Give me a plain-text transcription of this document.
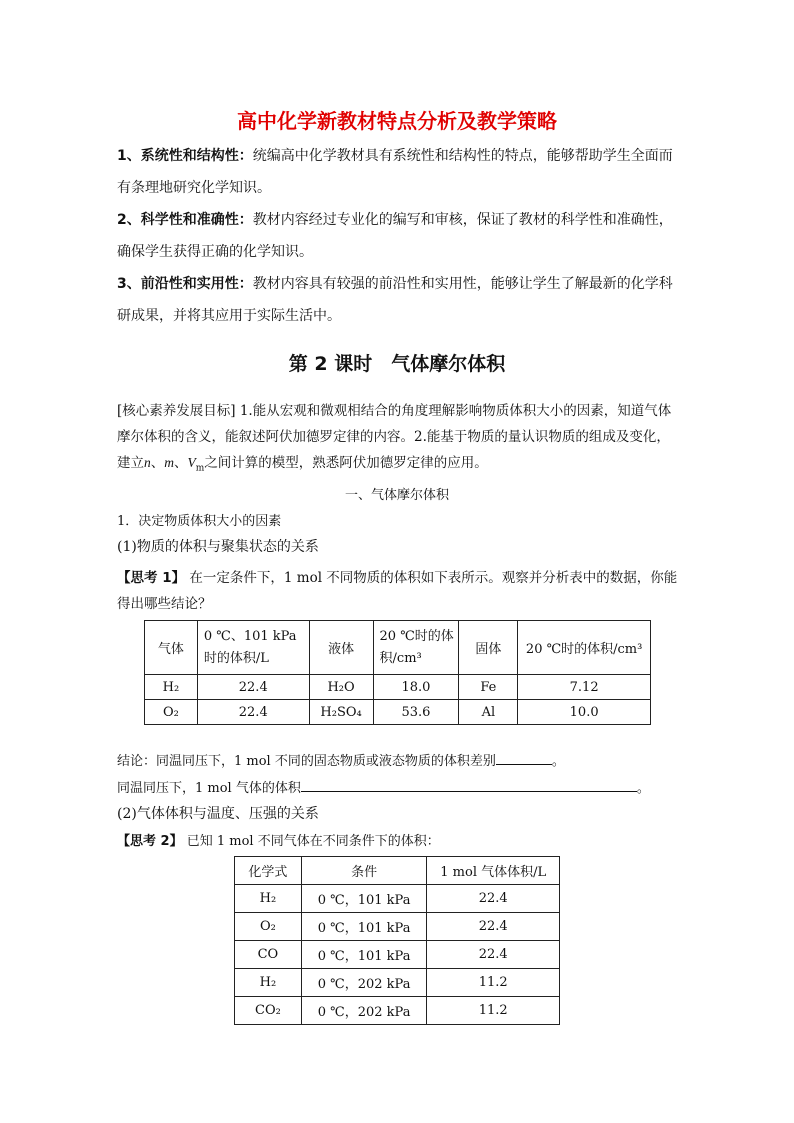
高中化学新教材特点分析及教学策略
1、系统性和结构性：统编高中化学教材具有系统性和结构性的特点，能够帮助学生全面而有条理地研究化学知识。
2、科学性和准确性：教材内容经过专业化的编写和审核，保证了教材的科学性和准确性，确保学生获得正确的化学知识。
3、前沿性和实用性：教材内容具有较强的前沿性和实用性，能够让学生了解最新的化学科研成果，并将其应用于实际生活中。
第 2 课时　气体摩尔体积
[核心素养发展目标] 1.能从宏观和微观相结合的角度理解影响物质体积大小的因素，知道气体摩尔体积的含义，能叙述阿伏加德罗定律的内容。2.能基于物质的量认识物质的组成及变化，建立n、m、$V_m$之间计算的模型，熟悉阿伏加德罗定律的应用。
一、气体摩尔体积
1．决定物质体积大小的因素
(1)物质的体积与聚集状态的关系
【思考 1】 在一定条件下，1 mol 不同物质的体积如下表所示。观察并分析表中的数据，你能得出哪些结论？
气体	0 ℃、101 kPa 时的体积/L	液体	20 ℃时的体积/cm³	固体	20 ℃时的体积/cm³
H₂	22.4	H₂O	18.0	Fe	7.12
O₂	22.4	H₂SO₄	53.6	Al	10.0
结论：同温同压下，1 mol 不同的固态物质或液态物质的体积差别	。
同温同压下，1 mol 气体的体积	。
(2)气体体积与温度、压强的关系
【思考 2】 已知 1 mol 不同气体在不同条件下的体积：
化学式	条件	1 mol 气体体积/L
H₂	0 ℃，101 kPa	22.4
O₂	0 ℃，101 kPa	22.4
CO	0 ℃，101 kPa	22.4
H₂	0 ℃，202 kPa	11.2
CO₂	0 ℃，202 kPa	11.2
